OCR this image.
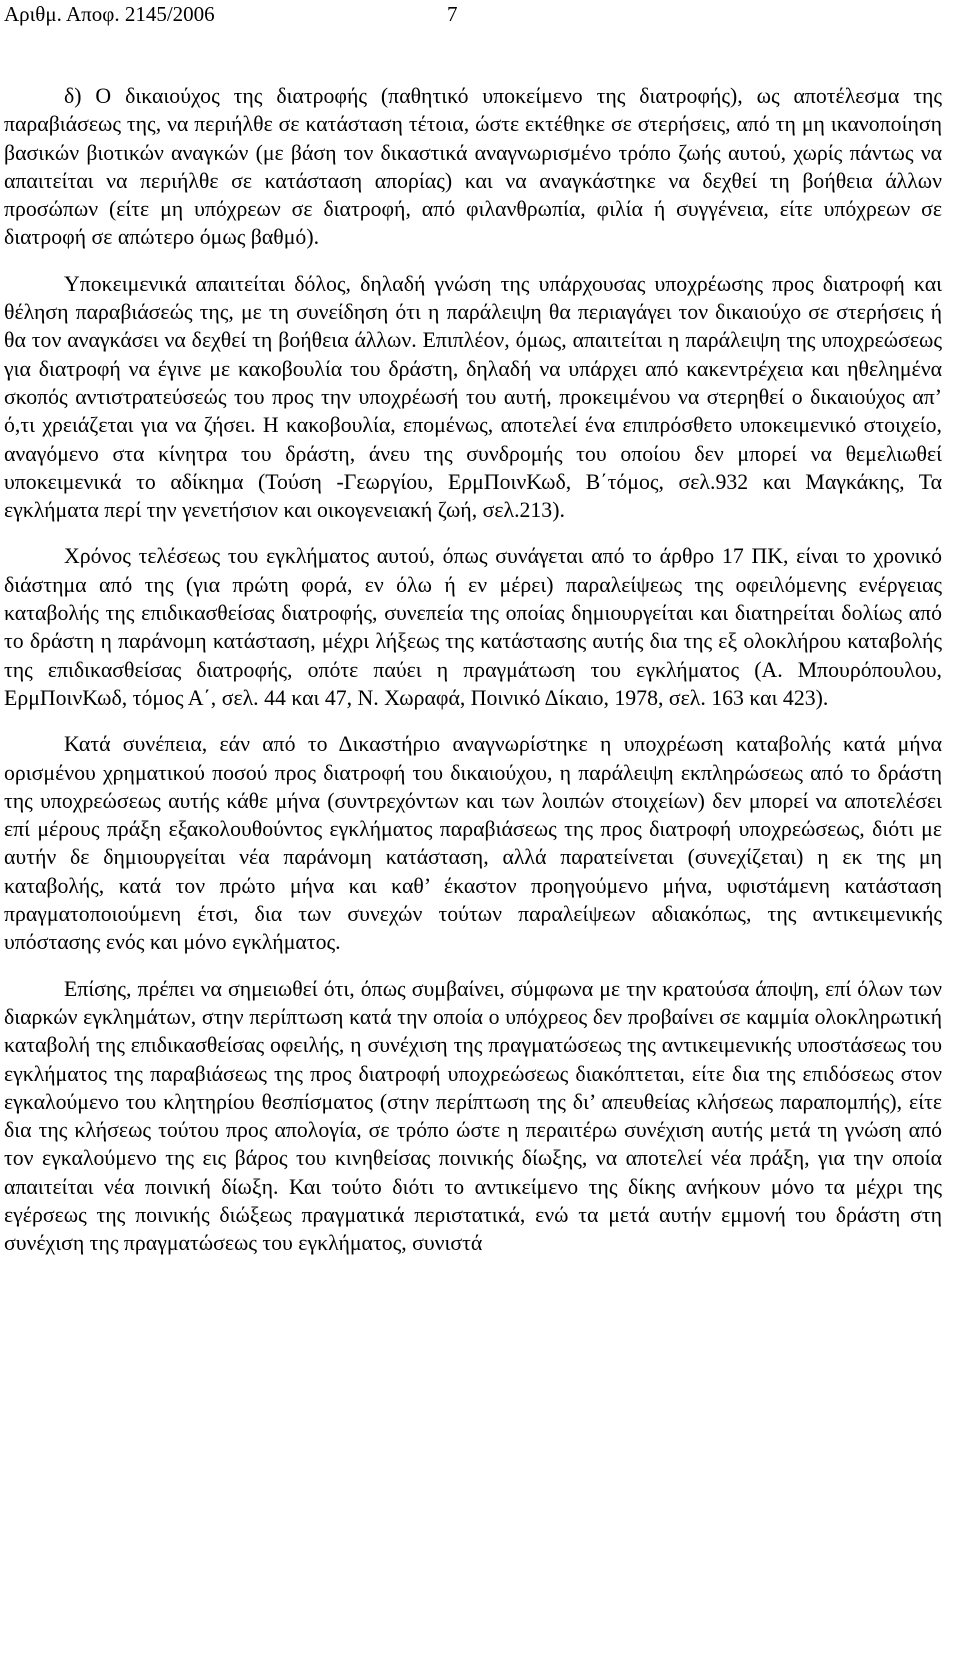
Αριθμ. Αποφ. 2145/2006	7

δ) Ο δικαιούχος της διατροφής (παθητικό υποκείμενο της διατροφής), ως αποτέλεσμα της παραβιάσεως της, να περιήλθε σε κατάσταση τέτοια, ώστε εκτέθηκε σε στερήσεις, από τη μη ικανοποίηση βασικών βιοτικών αναγκών (με βάση τον δικαστικά αναγνωρισμένο τρόπο ζωής αυτού, χωρίς πάντως να απαιτείται να περιήλθε σε κατάσταση απορίας) και να αναγκάστηκε να δεχθεί τη βοήθεια άλλων προσώπων (είτε μη υπόχρεων σε διατροφή, από φιλανθρωπία, φιλία ή συγγένεια, είτε υπόχρεων σε διατροφή σε απώτερο όμως βαθμό).

Υποκειμενικά απαιτείται δόλος, δηλαδή γνώση της υπάρχουσας υποχρέωσης προς διατροφή και θέληση παραβιάσεώς της, με τη συνείδηση ότι η παράλειψη θα περιαγάγει τον δικαιούχο σε στερήσεις ή θα τον αναγκάσει να δεχθεί τη βοήθεια άλλων. Επιπλέον, όμως, απαιτείται η παράλειψη της υποχρεώσεως για διατροφή να έγινε με κακοβουλία του δράστη, δηλαδή να υπάρχει από κακεντρέχεια και ηθελημένα σκοπός αντιστρατεύσεώς του προς την υποχρέωσή του αυτή, προκειμένου να στερηθεί ο δικαιούχος απ’ ό,τι χρειάζεται για να ζήσει. Η κακοβουλία, επομένως, αποτελεί ένα επιπρόσθετο υποκειμενικό στοιχείο, αναγόμενο στα κίνητρα του δράστη, άνευ της συνδρομής του οποίου δεν μπορεί να θεμελιωθεί υποκειμενικά το αδίκημα (Τούση -Γεωργίου, ΕρμΠοινΚωδ, Β΄τόμος, σελ.932 και Μαγκάκης, Τα εγκλήματα περί την γενετήσιον και οικογενειακή ζωή, σελ.213).

Χρόνος τελέσεως του εγκλήματος αυτού, όπως συνάγεται από το άρθρο 17 ΠΚ, είναι το χρονικό διάστημα από της (για πρώτη φορά, εν όλω ή εν μέρει) παραλείψεως της οφειλόμενης ενέργειας καταβολής της επιδικασθείσας διατροφής, συνεπεία της οποίας δημιουργείται και διατηρείται δολίως από το δράστη η παράνομη κατάσταση, μέχρι λήξεως της κατάστασης αυτής δια της εξ ολοκλήρου καταβολής της επιδικασθείσας διατροφής, οπότε παύει η πραγμάτωση του εγκλήματος (Α. Μπουρόπουλου, ΕρμΠοινΚωδ, τόμος Α΄, σελ. 44 και 47, Ν. Χωραφά, Ποινικό Δίκαιο, 1978, σελ. 163 και 423).

Κατά συνέπεια, εάν από το Δικαστήριο αναγνωρίστηκε η υποχρέωση καταβολής κατά μήνα ορισμένου χρηματικού ποσού προς διατροφή του δικαιούχου, η παράλειψη εκπληρώσεως από το δράστη της υποχρεώσεως αυτής κάθε μήνα (συντρεχόντων και των λοιπών στοιχείων) δεν μπορεί να αποτελέσει επί μέρους πράξη εξακολουθούντος εγκλήματος παραβιάσεως της προς διατροφή υποχρεώσεως, διότι με αυτήν δε δημιουργείται νέα παράνομη κατάσταση, αλλά παρατείνεται (συνεχίζεται) η εκ της μη καταβολής, κατά τον πρώτο μήνα και καθ’ έκαστον προηγούμενο μήνα, υφιστάμενη κατάσταση πραγματοποιούμενη έτσι, δια των συνεχών τούτων παραλείψεων αδιακόπως, της αντικειμενικής υπόστασης ενός και μόνο εγκλήματος.

Επίσης, πρέπει να σημειωθεί ότι, όπως συμβαίνει, σύμφωνα με την κρατούσα άποψη, επί όλων των διαρκών εγκλημάτων, στην περίπτωση κατά την οποία ο υπόχρεος δεν προβαίνει σε καμμία ολοκληρωτική καταβολή της επιδικασθείσας οφειλής, η συνέχιση της πραγματώσεως της αντικειμενικής υποστάσεως του εγκλήματος της παραβιάσεως της προς διατροφή υποχρεώσεως διακόπτεται, είτε δια της επιδόσεως στον εγκαλούμενο του κλητηρίου θεσπίσματος (στην περίπτωση της δι’ απευθείας κλήσεως παραπομπής), είτε δια της κλήσεως τούτου προς απολογία, σε τρόπο ώστε η περαιτέρω συνέχιση αυτής μετά τη γνώση από τον εγκαλούμενο της εις βάρος του κινηθείσας ποινικής δίωξης, να αποτελεί νέα πράξη, για την οποία απαιτείται νέα ποινική δίωξη. Και τούτο διότι το αντικείμενο της δίκης ανήκουν μόνο τα μέχρι της εγέρσεως της ποινικής διώξεως πραγματικά περιστατικά, ενώ τα μετά αυτήν εμμονή του δράστη στη συνέχιση της πραγματώσεως του εγκλήματος, συνιστά
